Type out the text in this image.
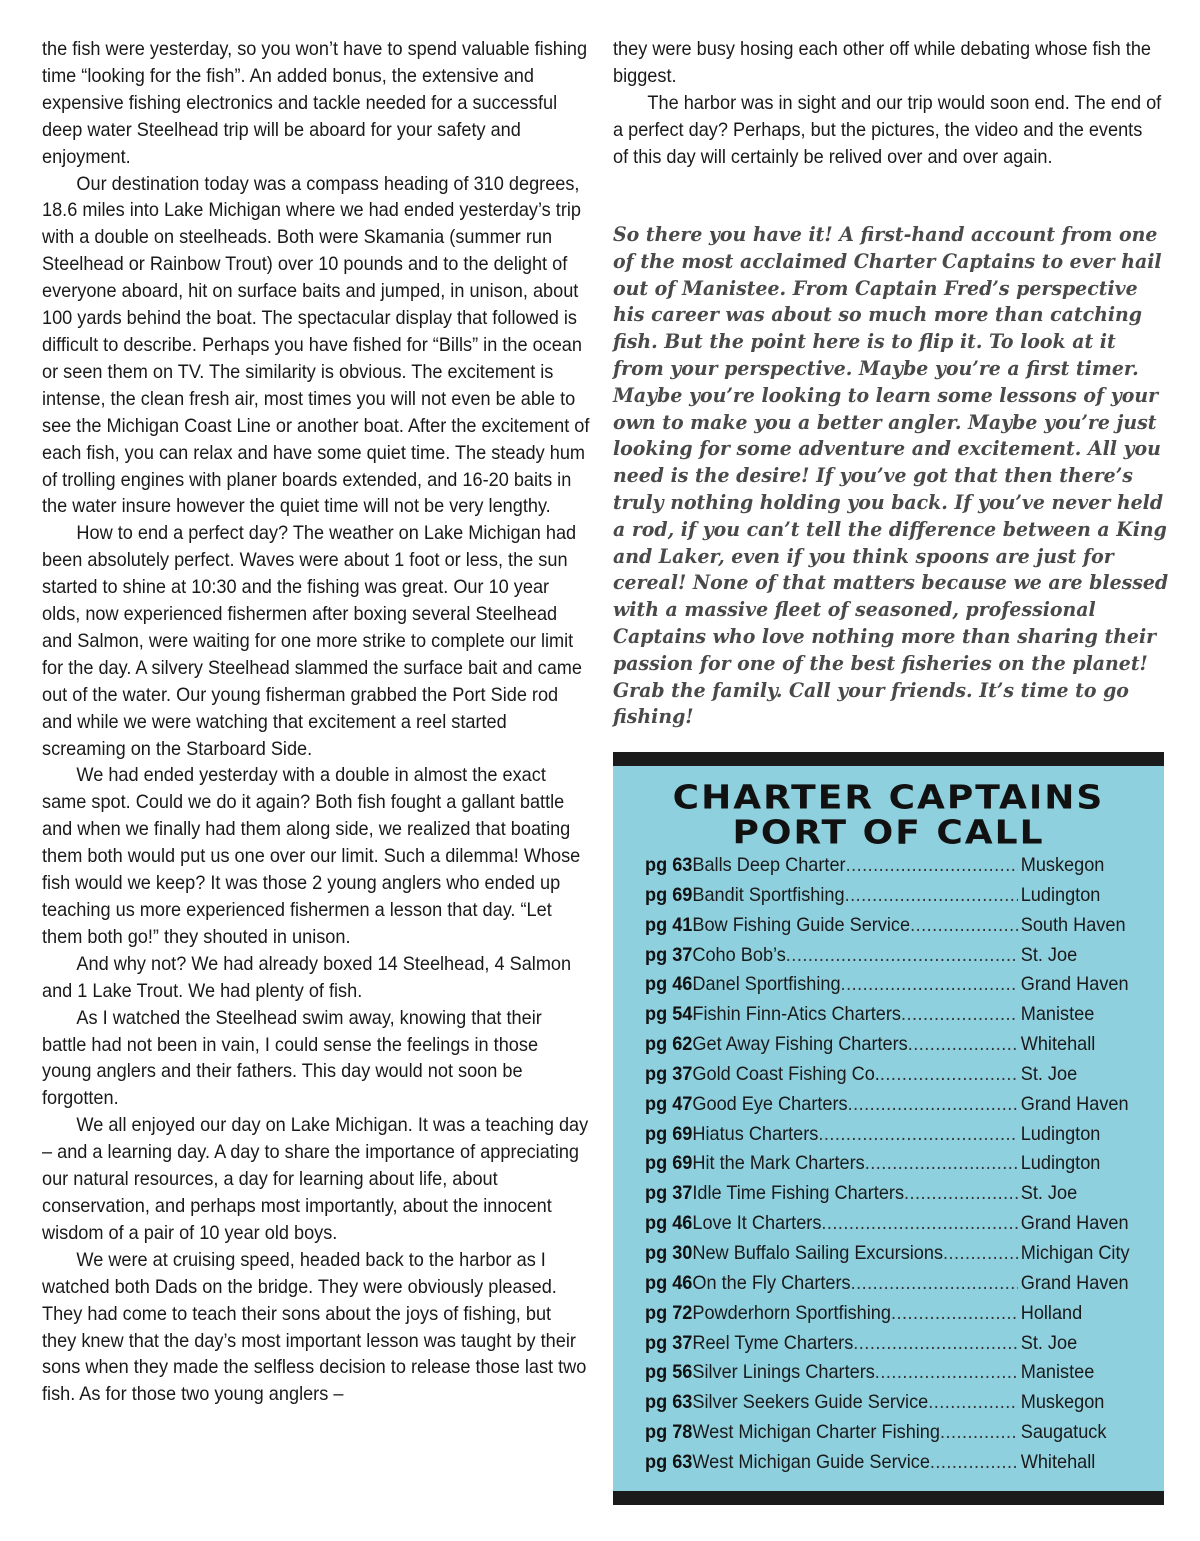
the fish were yesterday, so you won’t have to spend valuable fishing time “looking for the fish”. An added bonus, the extensive and expensive fishing electronics and tackle needed for a successful deep water Steelhead trip will be aboard for your safety and enjoyment.

Our destination today was a compass heading of 310 degrees, 18.6 miles into Lake Michigan where we had ended yesterday’s trip with a double on steelheads. Both were Skamania (summer run Steelhead or Rainbow Trout) over 10 pounds and to the delight of everyone aboard, hit on surface baits and jumped, in unison, about 100 yards behind the boat. The spectacular display that followed is difficult to describe. Perhaps you have fished for “Bills” in the ocean or seen them on TV. The similarity is obvious. The excitement is intense, the clean fresh air, most times you will not even be able to see the Michigan Coast Line or another boat. After the excitement of each fish, you can relax and have some quiet time. The steady hum of trolling engines with planer boards extended, and 16-20 baits in the water insure however the quiet time will not be very lengthy.

How to end a perfect day? The weather on Lake Michigan had been absolutely perfect. Waves were about 1 foot or less, the sun started to shine at 10:30 and the fishing was great. Our 10 year olds, now experienced fishermen after boxing several Steelhead and Salmon, were waiting for one more strike to complete our limit for the day. A silvery Steelhead slammed the surface bait and came out of the water. Our young fisherman grabbed the Port Side rod and while we were watching that excitement a reel started screaming on the Starboard Side.

We had ended yesterday with a double in almost the exact same spot. Could we do it again? Both fish fought a gallant battle and when we finally had them along side, we realized that boating them both would put us one over our limit. Such a dilemma! Whose fish would we keep? It was those 2 young anglers who ended up teaching us more experienced fishermen a lesson that day. “Let them both go!” they shouted in unison.

And why not? We had already boxed 14 Steelhead, 4 Salmon and 1 Lake Trout. We had plenty of fish.

As I watched the Steelhead swim away, knowing that their battle had not been in vain, I could sense the feelings in those young anglers and their fathers. This day would not soon be forgotten.

We all enjoyed our day on Lake Michigan. It was a teaching day – and a learning day. A day to share the importance of appreciating our natural resources, a day for learning about life, about conservation, and perhaps most importantly, about the innocent wisdom of a pair of 10 year old boys.

We were at cruising speed, headed back to the harbor as I watched both Dads on the bridge. They were obviously pleased. They had come to teach their sons about the joys of fishing, but they knew that the day’s most important lesson was taught by their sons when they made the selfless decision to release those last two fish. As for those two young anglers –

they were busy hosing each other off while debating whose fish the biggest.

The harbor was in sight and our trip would soon end. The end of a perfect day? Perhaps, but the pictures, the video and the events of this day will certainly be relived over and over again.

So there you have it! A first-hand account from one of the most acclaimed Charter Captains to ever hail out of Manistee. From Captain Fred’s perspective his career was about so much more than catching fish. But the point here is to flip it. To look at it from your perspective. Maybe you’re a first timer. Maybe you’re looking to learn some lessons of your own to make you a better angler. Maybe you’re just looking for some adventure and excitement. All you need is the desire! If you’ve got that then there’s truly nothing holding you back. If you’ve never held a rod, if you can’t tell the difference between a King and Laker, even if you think spoons are just for cereal! None of that matters because we are blessed with a massive fleet of seasoned, professional Captains who love nothing more than sharing their passion for one of the best fisheries on the planet! Grab the family. Call your friends. It’s time to go fishing!

CHARTER CAPTAINS
PORT OF CALL
pg 63 Balls Deep Charter .....	Muskegon
pg 69 Bandit Sportfishing .....	Ludington
pg 41 Bow Fishing Guide Service .....	South Haven
pg 37 Coho Bob’s .....	St. Joe
pg 46 Danel Sportfishing .....	Grand Haven
pg 54 Fishin Finn-Atics Charters .....	Manistee
pg 62 Get Away Fishing Charters .....	Whitehall
pg 37 Gold Coast Fishing Co. .....	St. Joe
pg 47 Good Eye Charters .....	Grand Haven
pg 69 Hiatus Charters .....	Ludington
pg 69 Hit the Mark Charters .....	Ludington
pg 37 Idle Time Fishing Charters .....	St. Joe
pg 46 Love It Charters .....	Grand Haven
pg 30 New Buffalo Sailing Excursions .....	Michigan City
pg 46 On the Fly Charters .....	Grand Haven
pg 72 Powderhorn Sportfishing .....	Holland
pg 37 Reel Tyme Charters .....	St. Joe
pg 56 Silver Linings Charters .....	Manistee
pg 63 Silver Seekers Guide Service .....	Muskegon
pg 78 West Michigan Charter Fishing .....	Saugatuck
pg 63 West Michigan Guide Service .....	Whitehall
